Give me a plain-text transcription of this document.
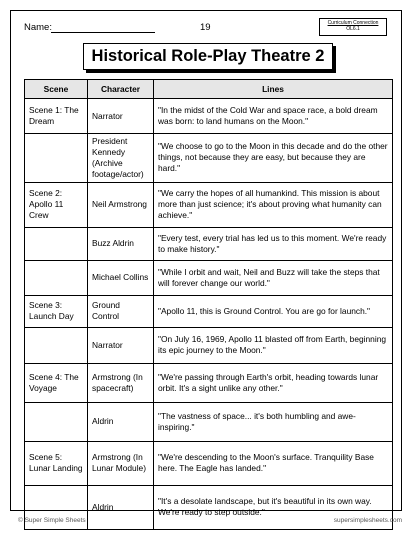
Name:	19	Curriculum Connection
OL6.1
Historical Role-Play Theatre 2
Scene	Character	Lines
Scene 1: The Dream	Narrator	"In the midst of the Cold War and space race, a bold dream was born: to land humans on the Moon."
	President Kennedy (Archive footage/actor)	"We choose to go to the Moon in this decade and do the other things, not because they are easy, but because they are hard."
Scene 2: Apollo 11 Crew	Neil Armstrong	"We carry the hopes of all humankind. This mission is about more than just science; it's about proving what humanity can achieve."
	Buzz Aldrin	"Every test, every trial has led us to this moment. We're ready to make history."
	Michael Collins	"While I orbit and wait, Neil and Buzz will take the steps that will forever change our world."
Scene 3: Launch Day	Ground Control	"Apollo 11, this is Ground Control. You are go for launch."
	Narrator	"On July 16, 1969, Apollo 11 blasted off from Earth, beginning its epic journey to the Moon."
Scene 4: The Voyage	Armstrong (In spacecraft)	"We're passing through Earth's orbit, heading towards lunar orbit. It's a sight unlike any other."
	Aldrin	"The vastness of space... it's both humbling and awe-inspiring."
Scene 5: Lunar Landing	Armstrong (In Lunar Module)	"We're descending to the Moon's surface. Tranquility Base here. The Eagle has landed."
	Aldrin	"It's a desolate landscape, but it's beautiful in its own way. We're ready to step outside."
© Super Simple Sheets	supersimplesheets.com
